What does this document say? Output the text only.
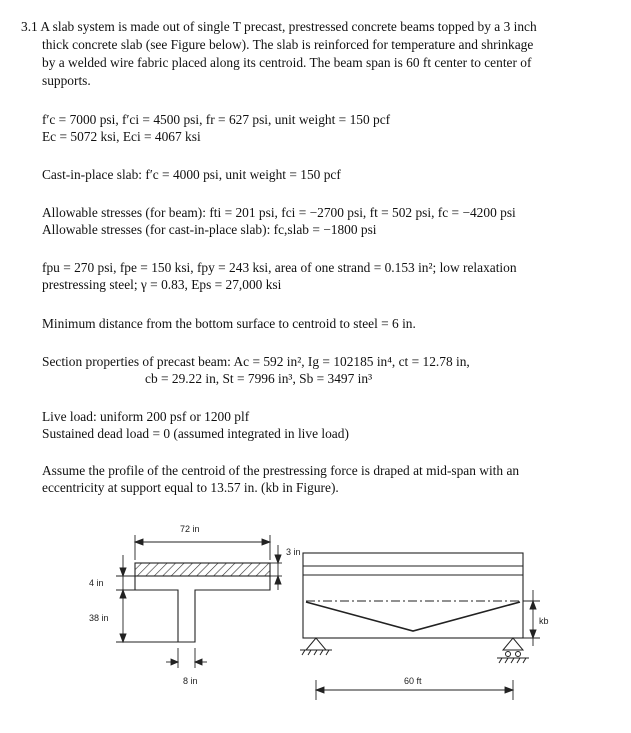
3.1 A slab system is made out of single T precast, prestressed concrete beams topped by a 3 inch
thick concrete slab (see Figure below). The slab is reinforced for temperature and shrinkage
by a welded wire fabric placed along its centroid. The beam span is 60 ft center to center of
supports.
f′c = 7000 psi, f′ci = 4500 psi, fr = 627 psi, unit weight = 150 pcf
Ec = 5072 ksi, Eci = 4067 ksi
Cast-in-place slab: f′c = 4000 psi, unit weight = 150 pcf
Allowable stresses (for beam): fti = 201 psi, fci = −2700 psi, ft = 502 psi, fc = −4200 psi
Allowable stresses (for cast-in-place slab): fc,slab = −1800 psi
fpu = 270 psi, fpe = 150 ksi, fpy = 243 ksi, area of one strand = 0.153 in²; low relaxation
prestressing steel; γ = 0.83, Eps = 27,000 ksi
Minimum distance from the bottom surface to centroid to steel = 6 in.
Section properties of precast beam: Ac = 592 in², Ig = 102185 in⁴, ct = 12.78 in,
cb = 29.22 in, St = 7996 in³, Sb = 3497 in³
Live load: uniform 200 psf or 1200 plf
Sustained dead load = 0 (assumed integrated in live load)
Assume the profile of the centroid of the prestressing force is draped at mid-span with an
eccentricity at support equal to 13.57 in. (kb in Figure).
72 in
3 in
4 in
38 in
8 in	60 ft
kb
